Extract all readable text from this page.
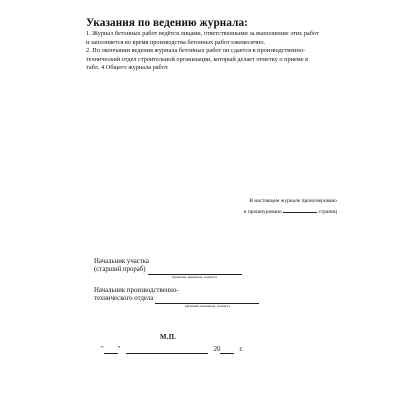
Указания по ведению журнала:

1. Журнал бетонных работ ведётся лицами, ответственными за выполнение этих работ
и заполняется во время производства бетонных работ ежемесячно.

2. По окончании ведения журнала бетонных работ он сдается в производственно-
технический отдел строительной организации, который делает отметку о приеме в
табл. 4 Общего журнала работ.

В настоящем журнале пронумеровано
и прошнуровано	страниц
Начальник участка
(старший прораб)
(фамилия, инициалы, подпись)
Начальник производственно-
технического отдела
(фамилия, инициалы, подпись)
М.П.
" "	20	г.
